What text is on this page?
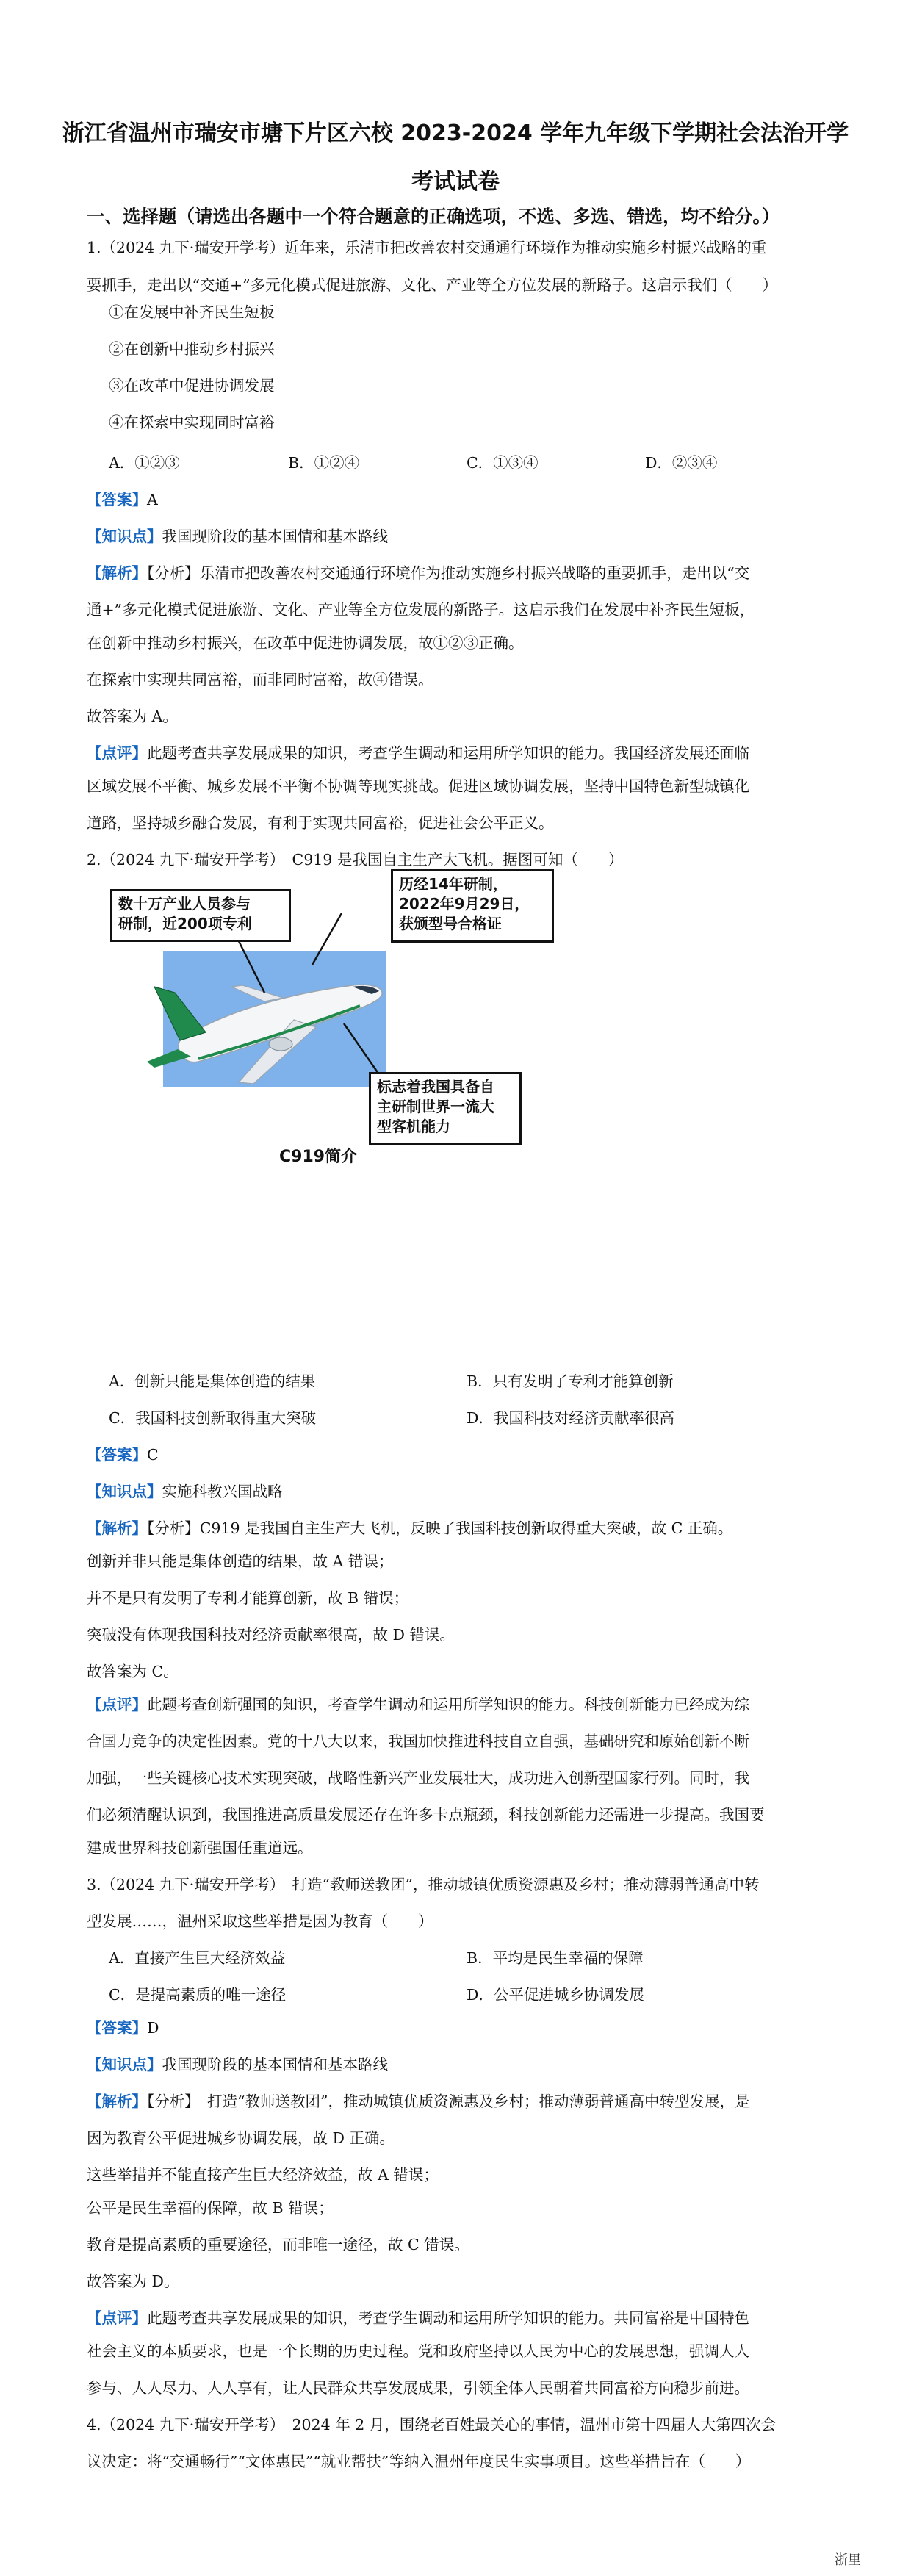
浙江省温州市瑞安市塘下片区六校 2023-2024 学年九年级下学期社会法治开学
考试试卷
一、选择题（请选出各题中一个符合题意的正确选项，不选、多选、错选，均不给分。）
1.（2024 九下·瑞安开学考）近年来，乐清市把改善农村交通通行环境作为推动实施乡村振兴战略的重
要抓手，走出以“交通+”多元化模式促进旅游、文化、产业等全方位发展的新路子。这启示我们（　　）
①在发展中补齐民生短板
②在创新中推动乡村振兴
③在改革中促进协调发展
④在探索中实现同时富裕
A．①②③	B．①②④	C．①③④	D．②③④
【答案】A
【知识点】我国现阶段的基本国情和基本路线
【解析】【分析】乐清市把改善农村交通通行环境作为推动实施乡村振兴战略的重要抓手，走出以“交
通+”多元化模式促进旅游、文化、产业等全方位发展的新路子。这启示我们在发展中补齐民生短板，
在创新中推动乡村振兴，在改革中促进协调发展，故①②③正确。
在探索中实现共同富裕，而非同时富裕，故④错误。
故答案为 A。
【点评】此题考查共享发展成果的知识，考查学生调动和运用所学知识的能力。我国经济发展还面临
区域发展不平衡、城乡发展不平衡不协调等现实挑战。促进区域协调发展，坚持中国特色新型城镇化
道路，坚持城乡融合发展，有利于实现共同富裕，促进社会公平正义。
2.（2024 九下·瑞安开学考）　C919 是我国自主生产大飞机。据图可知（　　）
数十万产业人员参与
研制，近200项专利
历经14年研制，
2022年9月29日，
获颁型号合格证
标志着我国具备自
主研制世界一流大
型客机能力
C919简介
A．创新只能是集体创造的结果	B．只有发明了专利才能算创新
C．我国科技创新取得重大突破	D．我国科技对经济贡献率很高
【答案】C
【知识点】实施科教兴国战略
【解析】【分析】C919 是我国自主生产大飞机，反映了我国科技创新取得重大突破，故 C 正确。
创新并非只能是集体创造的结果，故 A 错误；
并不是只有发明了专利才能算创新，故 B 错误；
突破没有体现我国科技对经济贡献率很高，故 D 错误。
故答案为 C。
【点评】此题考查创新强国的知识，考查学生调动和运用所学知识的能力。科技创新能力已经成为综
合国力竞争的决定性因素。党的十八大以来，我国加快推进科技自立自强，基础研究和原始创新不断
加强，一些关键核心技术实现突破，战略性新兴产业发展壮大，成功进入创新型国家行列。同时，我
们必须清醒认识到，我国推进高质量发展还存在许多卡点瓶颈，科技创新能力还需进一步提高。我国要
建成世界科技创新强国任重道远。
3.（2024 九下·瑞安开学考）　打造“教师送教团”，推动城镇优质资源惠及乡村；推动薄弱普通高中转
型发展……，温州采取这些举措是因为教育（　　）
A．直接产生巨大经济效益	B．平均是民生幸福的保障
C．是提高素质的唯一途径	D．公平促进城乡协调发展
【答案】D
【知识点】我国现阶段的基本国情和基本路线
【解析】【分析】　打造“教师送教团”，推动城镇优质资源惠及乡村；推动薄弱普通高中转型发展，是
因为教育公平促进城乡协调发展，故 D 正确。
这些举措并不能直接产生巨大经济效益，故 A 错误；
公平是民生幸福的保障，故 B 错误；
教育是提高素质的重要途径，而非唯一途径，故 C 错误。
故答案为 D。
【点评】此题考查共享发展成果的知识，考查学生调动和运用所学知识的能力。共同富裕是中国特色
社会主义的本质要求，也是一个长期的历史过程。党和政府坚持以人民为中心的发展思想，强调人人
参与、人人尽力、人人享有，让人民群众共享发展成果，引领全体人民朝着共同富裕方向稳步前进。
4.（2024 九下·瑞安开学考）　2024 年 2 月，围绕老百姓最关心的事情，温州市第十四届人大第四次会
议决定：将“交通畅行”“文体惠民”“就业帮扶”等纳入温州年度民生实事项目。这些举措旨在（　　）
浙里
